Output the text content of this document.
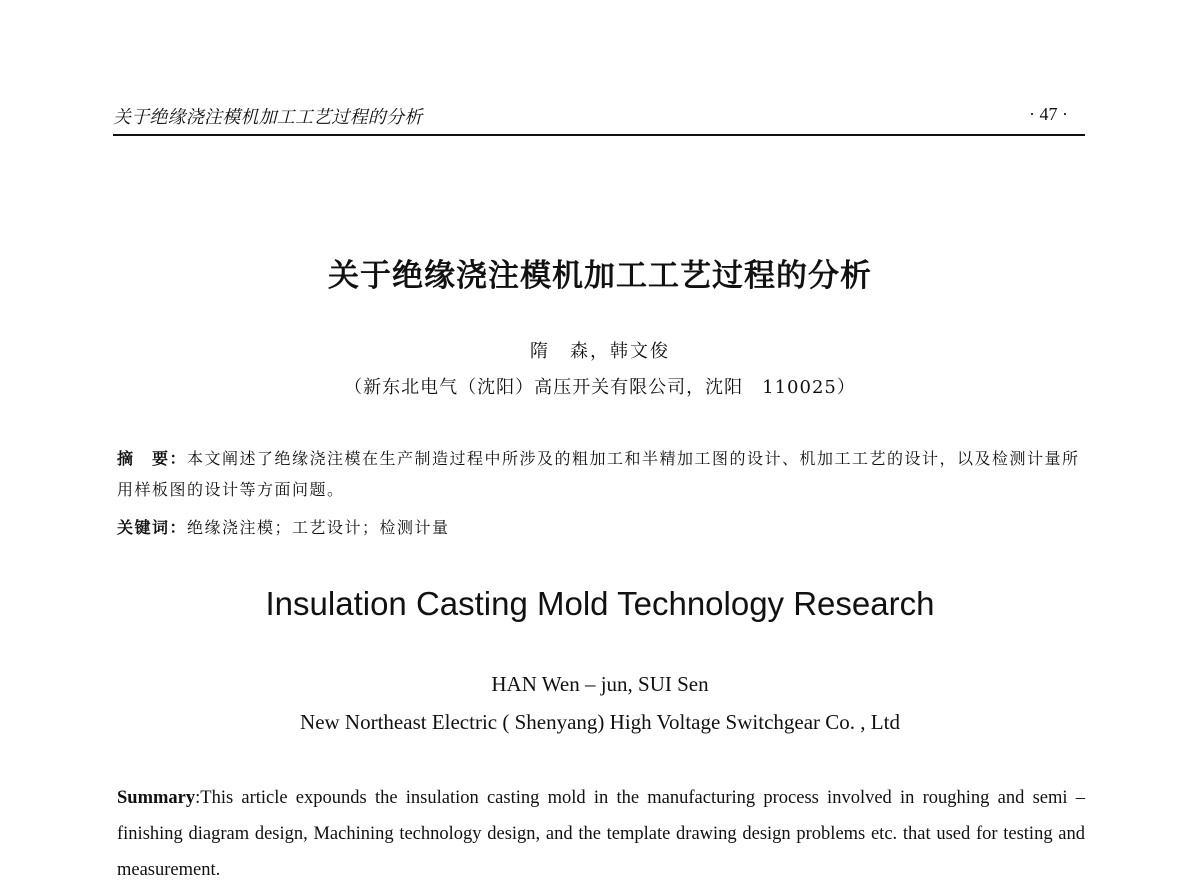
关于绝缘浇注模机加工工艺过程的分析	· 47 ·
关于绝缘浇注模机加工工艺过程的分析
隋　森，韩文俊
（新东北电气（沈阳）高压开关有限公司，沈阳　110025）
摘　要：本文阐述了绝缘浇注模在生产制造过程中所涉及的粗加工和半精加工图的设计、机加工工艺的设计，以及检测计量所用样板图的设计等方面问题。
关键词：绝缘浇注模；工艺设计；检测计量
Insulation Casting Mold Technology Research
HAN Wen – jun, SUI Sen
New Northeast Electric ( Shenyang) High Voltage Switchgear Co. , Ltd
Summary:This article expounds the insulation casting mold in the manufacturing process involved in roughing and semi – finishing diagram design, Machining technology design, and the template drawing design problems etc. that used for testing and measurement.
